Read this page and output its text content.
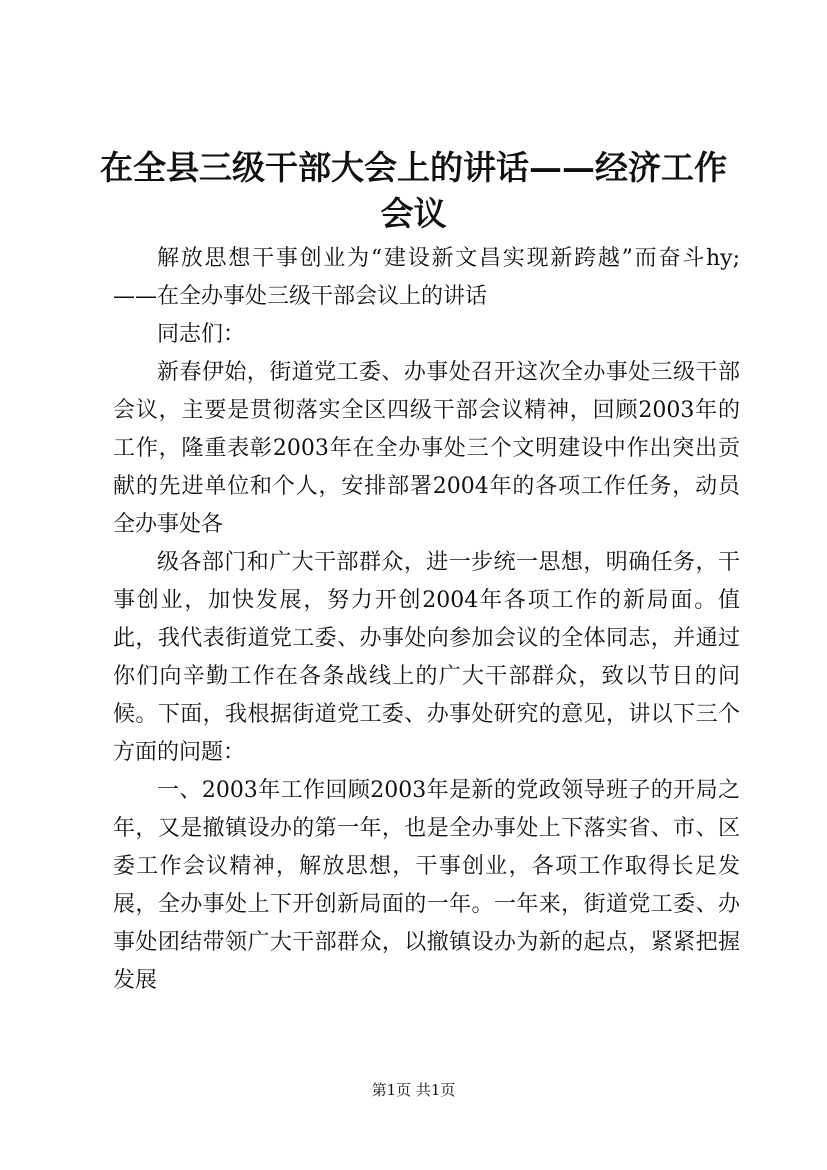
在全县三级干部大会上的讲话——经济工作会议

解放思想干事创业为“建设新文昌实现新跨越”而奋斗hy;——在全办事处三级干部会议上的讲话

同志们：

新春伊始，街道党工委、办事处召开这次全办事处三级干部会议，主要是贯彻落实全区四级干部会议精神，回顾2003年的工作，隆重表彰2003年在全办事处三个文明建设中作出突出贡献的先进单位和个人，安排部署2004年的各项工作任务，动员全办事处各

级各部门和广大干部群众，进一步统一思想，明确任务，干事创业，加快发展，努力开创2004年各项工作的新局面。值此，我代表街道党工委、办事处向参加会议的全体同志，并通过你们向辛勤工作在各条战线上的广大干部群众，致以节日的问候。下面，我根据街道党工委、办事处研究的意见，讲以下三个方面的问题：

一、2003年工作回顾2003年是新的党政领导班子的开局之年，又是撤镇设办的第一年，也是全办事处上下落实省、市、区委工作会议精神，解放思想，干事创业，各项工作取得长足发展，全办事处上下开创新局面的一年。一年来，街道党工委、办事处团结带领广大干部群众，以撤镇设办为新的起点，紧紧把握发展

第1页 共1页
